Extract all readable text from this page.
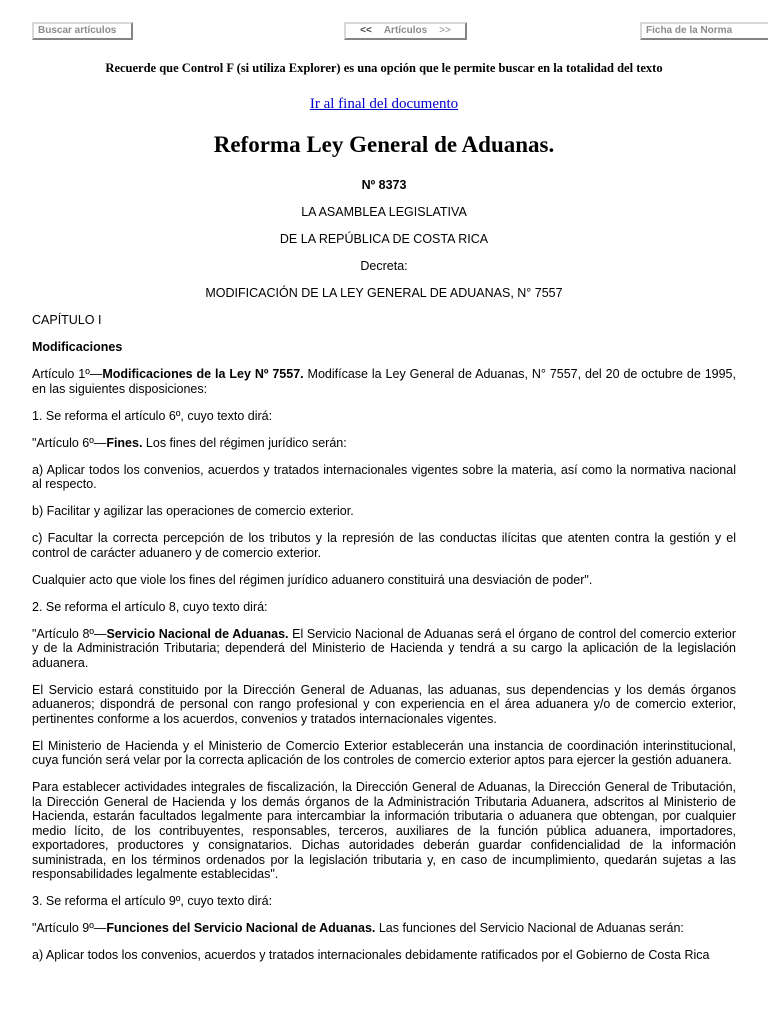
Buscar artículos	<< Artículos >>	Ficha de la Norma
Recuerde que Control F (si utiliza Explorer) es una opción que le permite buscar en la totalidad del texto
Ir al final del documento
Reforma Ley General de Aduanas.

Nº 8373

LA ASAMBLEA LEGISLATIVA

DE LA REPÚBLICA DE COSTA RICA

Decreta:

MODIFICACIÓN DE LA LEY GENERAL DE ADUANAS, N° 7557

CAPÍTULO I

Modificaciones

Artículo 1º—Modificaciones de la Ley Nº 7557. Modifícase la Ley General de Aduanas, N° 7557, del 20 de octubre de 1995, en las siguientes disposiciones:

1. Se reforma el artículo 6º, cuyo texto dirá:

"Artículo 6º—Fines. Los fines del régimen jurídico serán:

a) Aplicar todos los convenios, acuerdos y tratados internacionales vigentes sobre la materia, así como la normativa nacional al respecto.

b) Facilitar y agilizar las operaciones de comercio exterior.

c) Facultar la correcta percepción de los tributos y la represión de las conductas ilícitas que atenten contra la gestión y el control de carácter aduanero y de comercio exterior.

Cualquier acto que viole los fines del régimen jurídico aduanero constituirá una desviación de poder".

2. Se reforma el artículo 8, cuyo texto dirá:

"Artículo 8º—Servicio Nacional de Aduanas. El Servicio Nacional de Aduanas será el órgano de control del comercio exterior y de la Administración Tributaria; dependerá del Ministerio de Hacienda y tendrá a su cargo la aplicación de la legislación aduanera.

El Servicio estará constituido por la Dirección General de Aduanas, las aduanas, sus dependencias y los demás órganos aduaneros; dispondrá de personal con rango profesional y con experiencia en el área aduanera y/o de comercio exterior, pertinentes conforme a los acuerdos, convenios y tratados internacionales vigentes.

El Ministerio de Hacienda y el Ministerio de Comercio Exterior establecerán una instancia de coordinación interinstitucional, cuya función será velar por la correcta aplicación de los controles de comercio exterior aptos para ejercer la gestión aduanera.

Para establecer actividades integrales de fiscalización, la Dirección General de Aduanas, la Dirección General de Tributación, la Dirección General de Hacienda y los demás órganos de la Administración Tributaria Aduanera, adscritos al Ministerio de Hacienda, estarán facultados legalmente para intercambiar la información tributaria o aduanera que obtengan, por cualquier medio lícito, de los contribuyentes, responsables, terceros, auxiliares de la función pública aduanera, importadores, exportadores, productores y consignatarios. Dichas autoridades deberán guardar confidencialidad de la información suministrada, en los términos ordenados por la legislación tributaria y, en caso de incumplimiento, quedarán sujetas a las responsabilidades legalmente establecidas".

3. Se reforma el artículo 9º, cuyo texto dirá:

"Artículo 9º—Funciones del Servicio Nacional de Aduanas. Las funciones del Servicio Nacional de Aduanas serán:

a) Aplicar todos los convenios, acuerdos y tratados internacionales debidamente ratificados por el Gobierno de Costa Rica
